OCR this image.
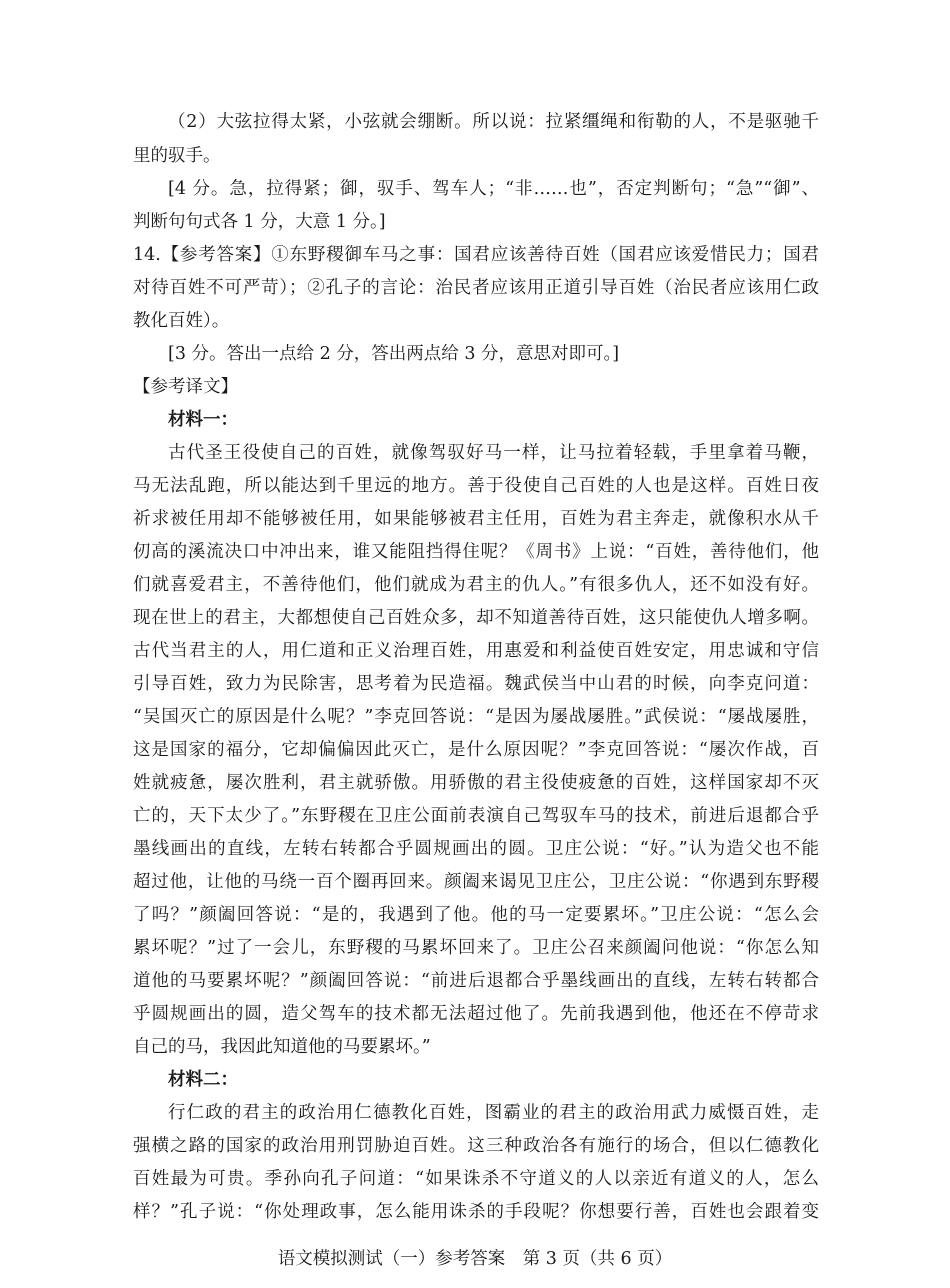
（2）大弦拉得太紧，小弦就会绷断。所以说：拉紧缰绳和衔勒的人，不是驱驰千
里的驭手。
[4 分。急，拉得紧；御，驭手、驾车人；“非……也”，否定判断句；“急”“御”、
判断句句式各 1 分，大意 1 分。]
14.【参考答案】①东野稷御车马之事：国君应该善待百姓（国君应该爱惜民力；国君
对待百姓不可严苛）；②孔子的言论：治民者应该用正道引导百姓（治民者应该用仁政
教化百姓）。
[3 分。答出一点给 2 分，答出两点给 3 分，意思对即可。]
【参考译文】
材料一：
古代圣王役使自己的百姓，就像驾驭好马一样，让马拉着轻载，手里拿着马鞭，
马无法乱跑，所以能达到千里远的地方。善于役使自己百姓的人也是这样。百姓日夜
祈求被任用却不能够被任用，如果能够被君主任用，百姓为君主奔走，就像积水从千
仞高的溪流决口中冲出来，谁又能阻挡得住呢？《周书》上说：“百姓，善待他们，他
们就喜爱君主，不善待他们，他们就成为君主的仇人。”有很多仇人，还不如没有好。
现在世上的君主，大都想使自己百姓众多，却不知道善待百姓，这只能使仇人增多啊。
古代当君主的人，用仁道和正义治理百姓，用惠爱和利益使百姓安定，用忠诚和守信
引导百姓，致力为民除害，思考着为民造福。魏武侯当中山君的时候，向李克问道：
“吴国灭亡的原因是什么呢？”李克回答说：“是因为屡战屡胜。”武侯说：“屡战屡胜，
这是国家的福分，它却偏偏因此灭亡，是什么原因呢？”李克回答说：“屡次作战，百
姓就疲惫，屡次胜利，君主就骄傲。用骄傲的君主役使疲惫的百姓，这样国家却不灭
亡的，天下太少了。”东野稷在卫庄公面前表演自己驾驭车马的技术，前进后退都合乎
墨线画出的直线，左转右转都合乎圆规画出的圆。卫庄公说：“好。”认为造父也不能
超过他，让他的马绕一百个圈再回来。颜阖来谒见卫庄公，卫庄公说：“你遇到东野稷
了吗？”颜阖回答说：“是的，我遇到了他。他的马一定要累坏。”卫庄公说：“怎么会
累坏呢？”过了一会儿，东野稷的马累坏回来了。卫庄公召来颜阖问他说：“你怎么知
道他的马要累坏呢？”颜阖回答说：“前进后退都合乎墨线画出的直线，左转右转都合
乎圆规画出的圆，造父驾车的技术都无法超过他了。先前我遇到他，他还在不停苛求
自己的马，我因此知道他的马要累坏。”
材料二：
行仁政的君主的政治用仁德教化百姓，图霸业的君主的政治用武力威慑百姓，走
强横之路的国家的政治用刑罚胁迫百姓。这三种政治各有施行的场合，但以仁德教化
百姓最为可贵。季孙向孔子问道：“如果诛杀不守道义的人以亲近有道义的人，怎么
样？”孔子说：“你处理政事，怎么能用诛杀的手段呢？你想要行善，百姓也会跟着变
语文模拟测试（一）参考答案　第 3 页（共 6 页）
